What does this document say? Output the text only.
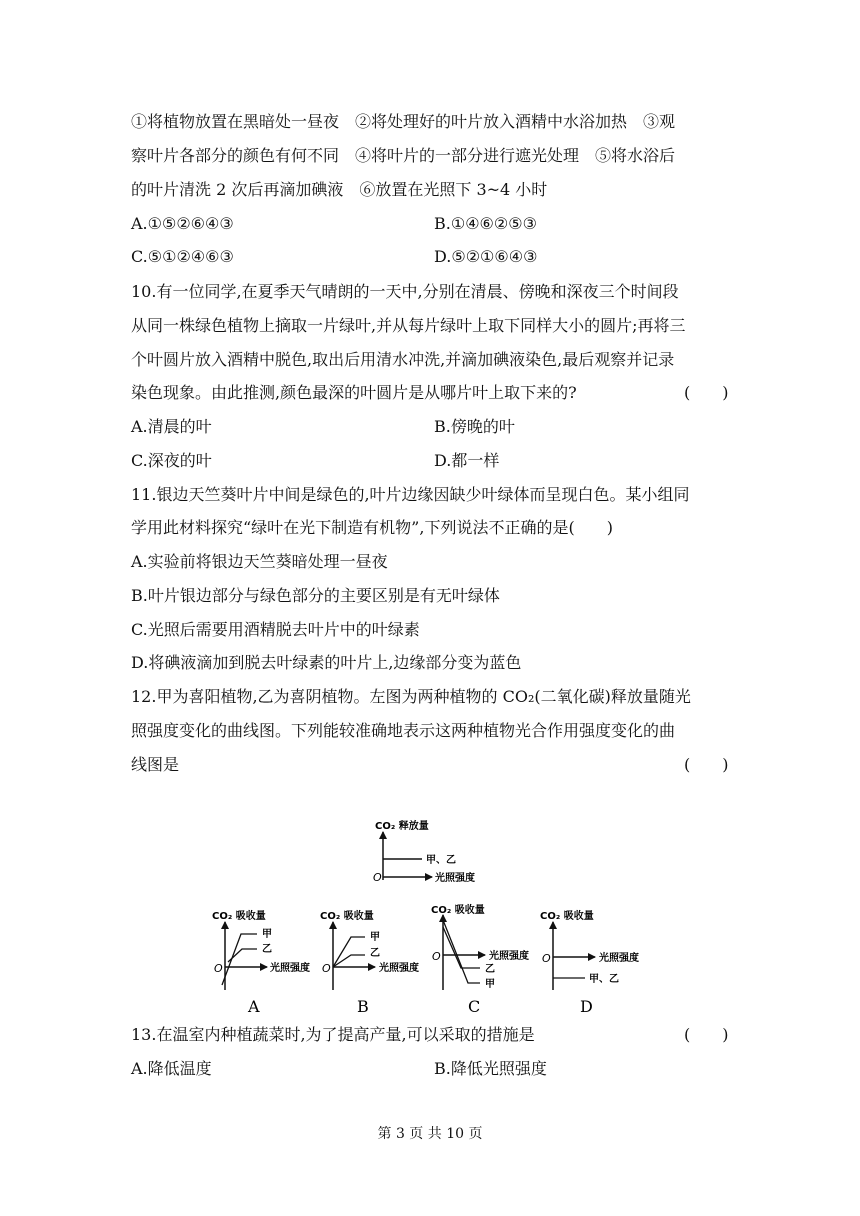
①将植物放置在黑暗处一昼夜　②将处理好的叶片放入酒精中水浴加热　③观
察叶片各部分的颜色有何不同　④将叶片的一部分进行遮光处理　⑤将水浴后
的叶片清洗 2 次后再滴加碘液　⑥放置在光照下 3~4 小时
A.①⑤②⑥④③	B.①④⑥②⑤③
C.⑤①②④⑥③	D.⑤②①⑥④③
10.有一位同学,在夏季天气晴朗的一天中,分别在清晨、傍晚和深夜三个时间段
从同一株绿色植物上摘取一片绿叶,并从每片绿叶上取下同样大小的圆片;再将三
个叶圆片放入酒精中脱色,取出后用清水冲洗,并滴加碘液染色,最后观察并记录
染色现象。由此推测,颜色最深的叶圆片是从哪片叶上取下来的?	(　　)
A.清晨的叶	B.傍晚的叶
C.深夜的叶	D.都一样
11.银边天竺葵叶片中间是绿色的,叶片边缘因缺少叶绿体而呈现白色。某小组同
学用此材料探究“绿叶在光下制造有机物”,下列说法不正确的是(　　)
A.实验前将银边天竺葵暗处理一昼夜
B.叶片银边部分与绿色部分的主要区别是有无叶绿体
C.光照后需要用酒精脱去叶片中的叶绿素
D.将碘液滴加到脱去叶绿素的叶片上,边缘部分变为蓝色
12.甲为喜阳植物,乙为喜阴植物。左图为两种植物的 CO₂(二氧化碳)释放量随光
照强度变化的曲线图。下列能较准确地表示这两种植物光合作用强度变化的曲
线图是	(　　)
CO₂ 释放量
甲、乙
O	光照强度
CO₂ 吸收量
甲
乙
O	光照强度
A
CO₂ 吸收量
甲
乙
O	光照强度
B
CO₂ 吸收量
O	光照强度
乙
甲
C
CO₂ 吸收量
O	光照强度
甲、乙
D
13.在温室内种植蔬菜时,为了提高产量,可以采取的措施是	(　　)
A.降低温度	B.降低光照强度
第 3 页 共 10 页
